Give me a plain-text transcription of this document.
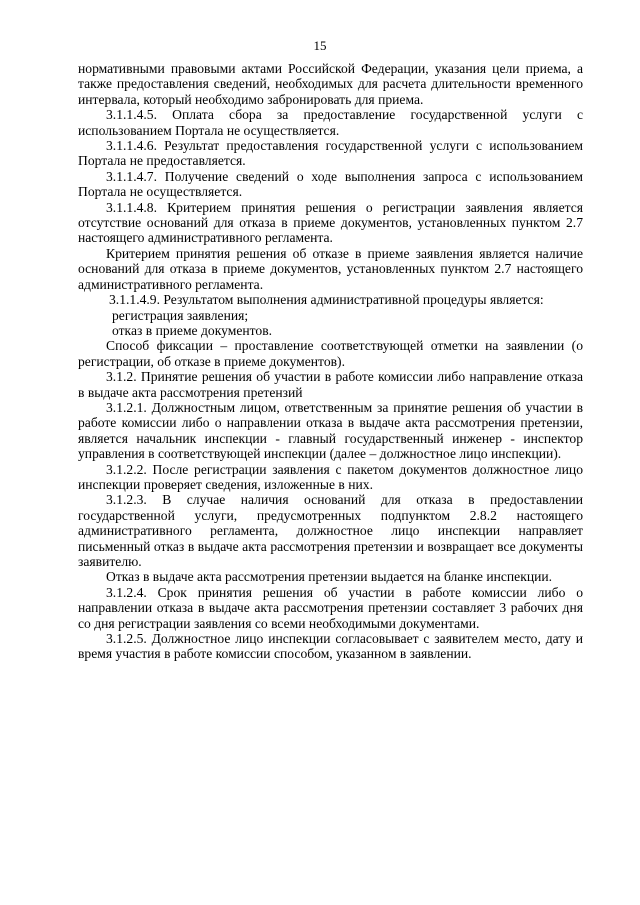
15

нормативными правовыми актами Российской Федерации, указания цели приема, а также предоставления сведений, необходимых для расчета длительности временного интервала, который необходимо забронировать для приема.

3.1.1.4.5. Оплата сбора за предоставление государственной услуги с использованием Портала не осуществляется.

3.1.1.4.6. Результат предоставления государственной услуги с использованием Портала не предоставляется.

3.1.1.4.7. Получение сведений о ходе выполнения запроса с использованием Портала не осуществляется.

3.1.1.4.8. Критерием принятия решения о регистрации заявления является отсутствие оснований для отказа в приеме документов, установленных пунктом 2.7 настоящего административного регламента.

Критерием принятия решения об отказе в приеме заявления является наличие оснований для отказа в приеме документов, установленных пунктом 2.7 настоящего административного регламента.

3.1.1.4.9. Результатом выполнения административной процедуры является:

регистрация заявления;

отказ в приеме документов.

Способ фиксации – проставление соответствующей отметки на заявлении (о регистрации, об отказе в приеме документов).

3.1.2. Принятие решения об участии в работе комиссии либо направление отказа в выдаче акта рассмотрения претензий

3.1.2.1. Должностным лицом, ответственным за принятие решения об участии в работе комиссии либо о направлении отказа в выдаче акта рассмотрения претензии, является начальник инспекции - главный государственный инженер - инспектор управления в соответствующей инспекции (далее – должностное лицо инспекции).

3.1.2.2. После регистрации заявления с пакетом документов должностное лицо инспекции проверяет сведения, изложенные в них.

3.1.2.3. В случае наличия оснований для отказа в предоставлении государственной услуги, предусмотренных подпунктом 2.8.2 настоящего административного регламента, должностное лицо инспекции направляет письменный отказ в выдаче акта рассмотрения претензии и возвращает все документы заявителю.

Отказ в выдаче акта рассмотрения претензии выдается на бланке инспекции.

3.1.2.4. Срок принятия решения об участии в работе комиссии либо о направлении отказа в выдаче акта рассмотрения претензии составляет 3 рабочих дня со дня регистрации заявления со всеми необходимыми документами.

3.1.2.5. Должностное лицо инспекции согласовывает с заявителем место, дату и время участия в работе комиссии способом, указанном в заявлении.
